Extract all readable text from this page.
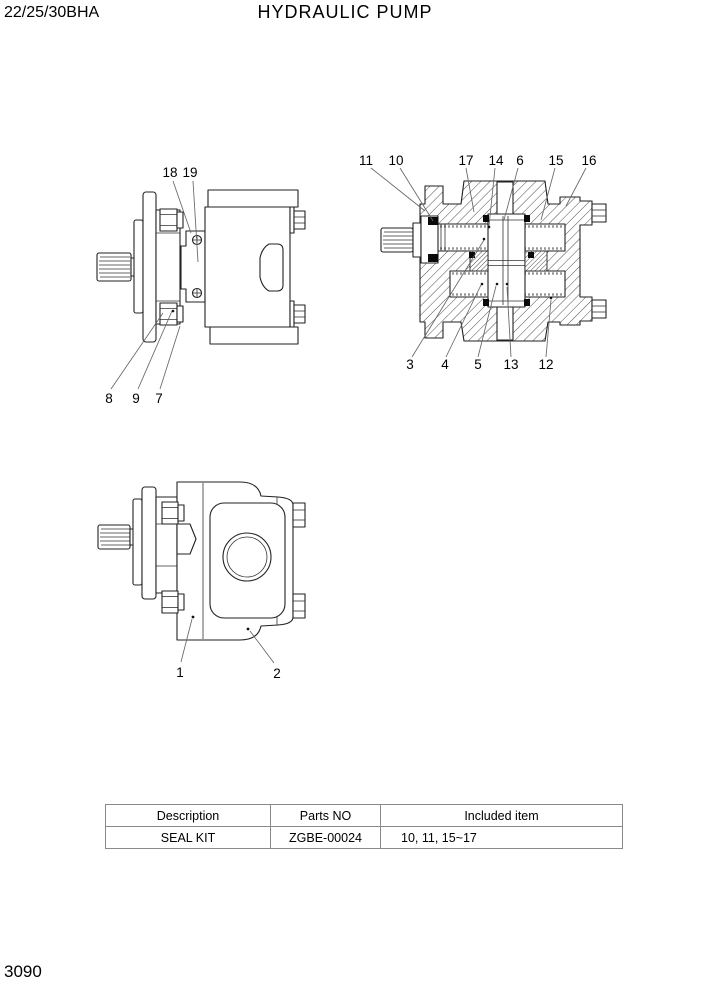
22/25/30BHA	HYDRAULIC PUMP
18 19
8 9 7
11 10	17 14 6 15 16
3 4 5 13 12
1	2
Description	Parts NO	Included item
SEAL KIT	ZGBE-00024	10, 11, 15~17
3090
